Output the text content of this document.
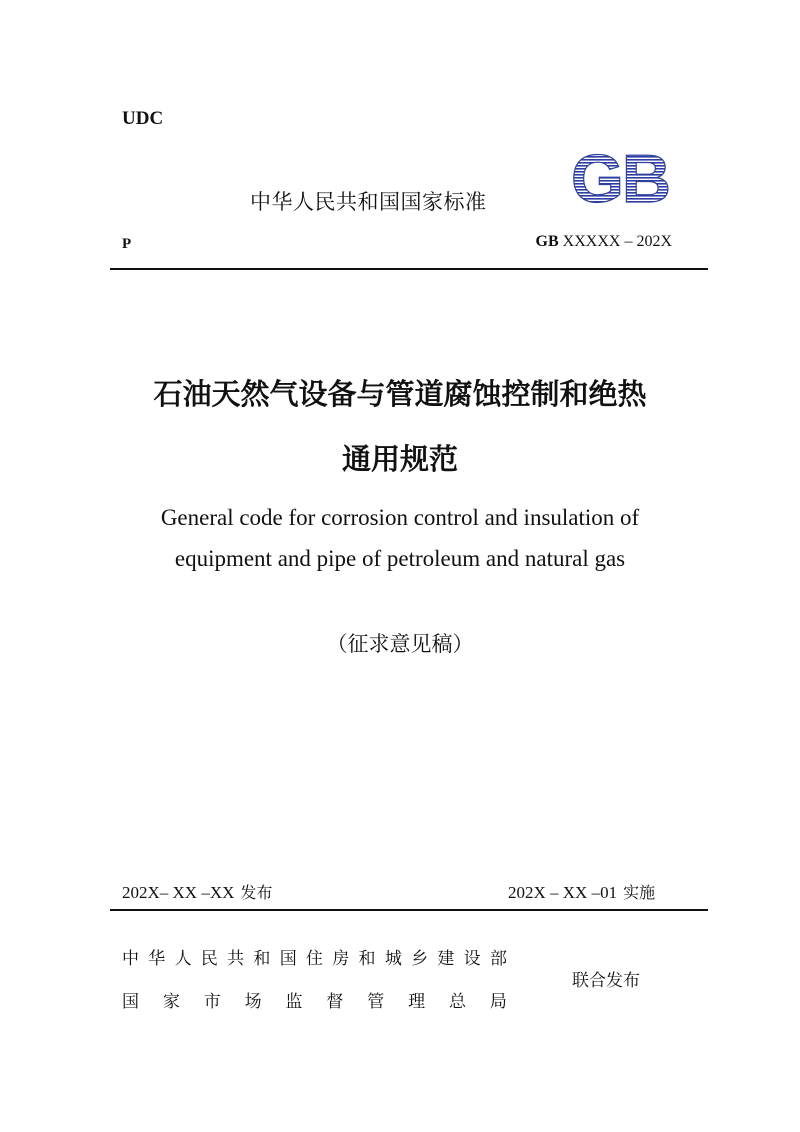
UDC
中华人民共和国国家标准 GB
P	GB XXXXX – 202X
石油天然气设备与管道腐蚀控制和绝热
通用规范
General code for corrosion control and insulation of
equipment and pipe of petroleum and natural gas
（征求意见稿）
202X– XX –XX 发布	202X – XX –01 实施
中 华 人 民 共 和 国 住 房 和 城 乡 建 设 部
国 家 市 场 监 督 管 理 总 局
联合发布
